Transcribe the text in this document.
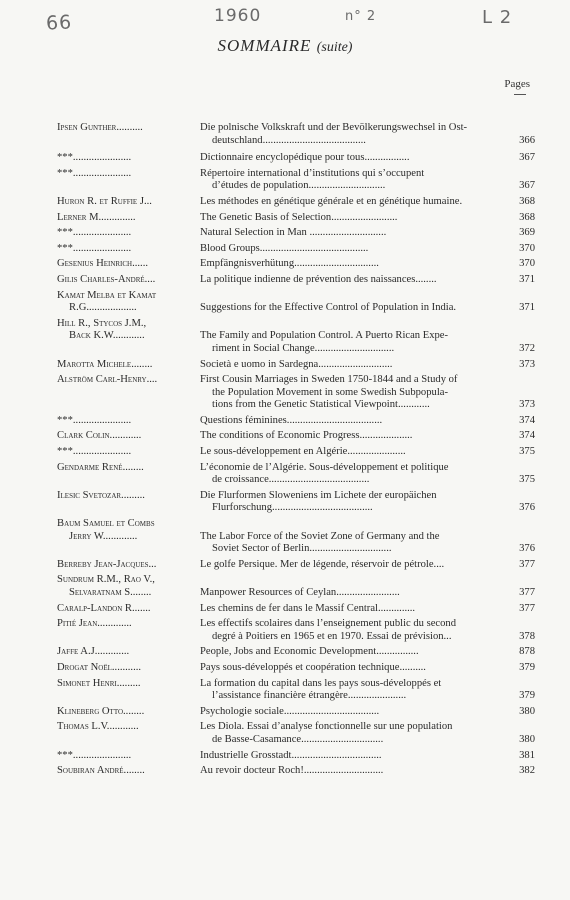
66	1960	n° 2	L 2
SOMMAIRE (suite)
Pages
Ipsen Gunther..........	Die polnische Volkskraft und der Bevölkerungswechsel in Ost-
deutschland.......................................	366
***......................	Dictionnaire encyclopédique pour tous.................	367
***......................	Répertoire international d’institutions qui s’occupent
d’études de population.............................	367
Huron R. et Ruffie J...	Les méthodes en génétique générale et en génétique humaine.	368
Lerner M..............	The Genetic Basis of Selection.........................	368
***......................	Natural Selection in Man .............................	369
***......................	Blood Groups.........................................	370
Gesenius Heinrich......	Empfängnisverhütung................................	370
Gilis Charles-André....	La politique indienne de prévention des naissances........	371
Kamat Melba et Kamat
R.G...................
	Suggestions for the Effective Control of Population in India.	371
Hill R., Stycos J.M.,
Back K.W............
	The Family and Population Control. A Puerto Rican Expe-
riment in Social Change..............................	372
Marotta Michele........	Società e uomo in Sardegna............................	373
Alström Carl-Henry....	First Cousin Marriages in Sweden 1750-1844 and a Study of
the Population Movement in some Swedish Subpopula-
tions from the Genetic Statistical Viewpoint............	373
***......................	Questions féminines....................................	374
Clark Colin............	The conditions of Economic Progress....................	374
***......................	Le sous-développement en Algérie......................	375
Gendarme René........	L’économie de l’Algérie. Sous-développement et politique
de croissance......................................	375
Ilesic Svetozar.........	Die Flurformen Sloweniens im Lichete der europäichen
Flurforschung......................................	376
Baum Samuel et Combs
Jerry W.............
	The Labor Force of the Soviet Zone of Germany and the
Soviet Sector of Berlin...............................	376
Berreby Jean-Jacques...	Le golfe Persique. Mer de légende, réservoir de pétrole....	377
Sundrum R.M., Rao V.,
Selvaratnam S........
	Manpower Resources of Ceylan........................	377
Caralp-Landon R.......	Les chemins de fer dans le Massif Central..............	377
Pitié Jean.............	Les effectifs scolaires dans l’enseignement public du second
degré à Poitiers en 1965 et en 1970. Essai de prévision...	378
Jaffe A.J.............	People, Jobs and Economic Development................	878
Drogat Noël...........	Pays sous-développés et coopération technique..........	379
Simonet Henri.........	La formation du capital dans les pays sous-développés et
l’assistance financière étrangère......................	379
Klineberg Otto........	Psychologie sociale....................................	380
Thomas L.V............	Les Diola. Essai d’analyse fonctionnelle sur une population
de Basse-Casamance...............................	380
***......................	Industrielle Grosstadt..................................	381
Soubiran André........	Au revoir docteur Roch!..............................	382
